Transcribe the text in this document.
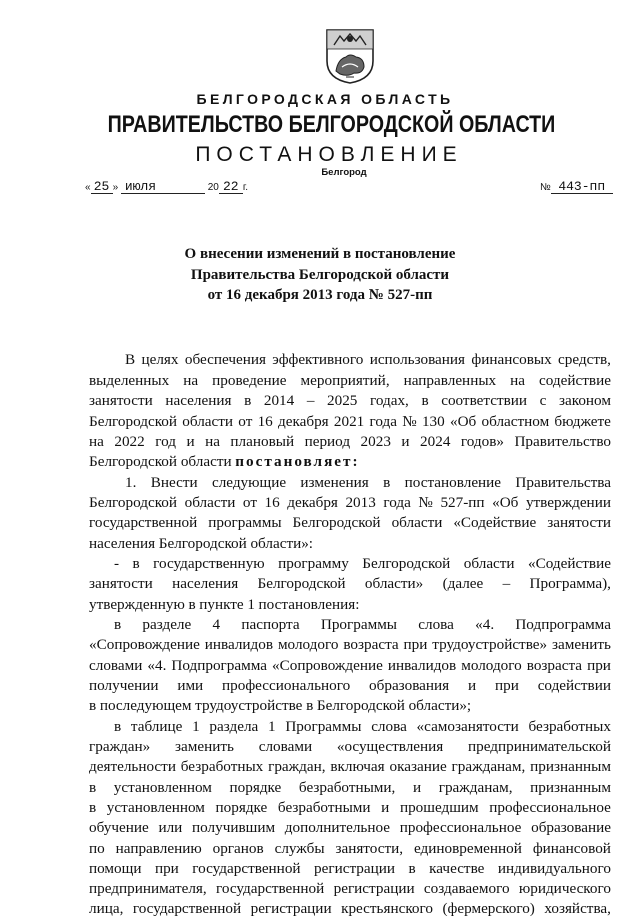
БЕЛГОРОДСКАЯ ОБЛАСТЬ
ПРАВИТЕЛЬСТВО БЕЛГОРОДСКОЙ ОБЛАСТИ
ПОСТАНОВЛЕНИЕ
Белгород
« 25 » июля	20 22 г.	№ 443-пп
О внесении изменений в постановление
Правительства Белгородской области
от 16 декабря 2013 года № 527-пп
В целях обеспечения эффективного использования финансовых средств,
выделенных на проведение мероприятий, направленных на содействие
занятости населения в 2014 – 2025 годах, в соответствии с законом
Белгородской области от 16 декабря 2021 года № 130 «Об областном бюджете
на 2022 год и на плановый период 2023 и 2024 годов» Правительство
Белгородской области постановляет:
1. Внести следующие изменения в постановление Правительства
Белгородской области от 16 декабря 2013 года № 527-пп «Об утверждении
государственной программы Белгородской области «Содействие занятости
населения Белгородской области»:
- в государственную программу Белгородской области «Содействие
занятости населения Белгородской области» (далее – Программа),
утвержденную в пункте 1 постановления:
в разделе 4 паспорта Программы слова «4. Подпрограмма
«Сопровождение инвалидов молодого возраста при трудоустройстве» заменить
словами «4. Подпрограмма «Сопровождение инвалидов молодого возраста при
получении ими профессионального образования и при содействии
в последующем трудоустройстве в Белгородской области»;
в таблице 1 раздела 1 Программы слова «самозанятости безработных
граждан» заменить словами «осуществления предпринимательской
деятельности безработных граждан, включая оказание гражданам, признанным
в установленном порядке безработными, и гражданам, признанным
в установленном порядке безработными и прошедшим профессиональное
обучение или получившим дополнительное профессиональное образование
по направлению органов службы занятости, единовременной финансовой
помощи при государственной регистрации в качестве индивидуального
предпринимателя, государственной регистрации создаваемого юридического
лица, государственной регистрации крестьянского (фермерского) хозяйства,
